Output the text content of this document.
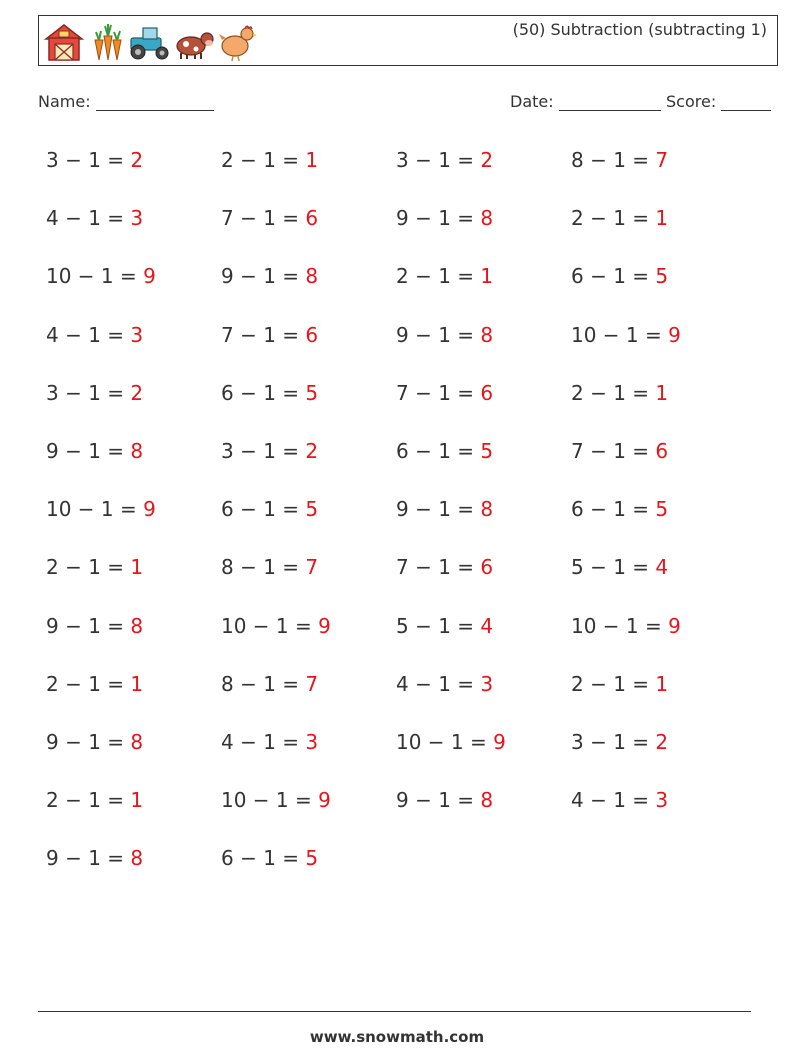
(50) Subtraction (subtracting 1)
Name:	Date:	Score:
3 − 1 = 2	2 − 1 = 1	3 − 1 = 2	8 − 1 = 7
4 − 1 = 3	7 − 1 = 6	9 − 1 = 8	2 − 1 = 1
10 − 1 = 9	9 − 1 = 8	2 − 1 = 1	6 − 1 = 5
4 − 1 = 3	7 − 1 = 6	9 − 1 = 8	10 − 1 = 9
3 − 1 = 2	6 − 1 = 5	7 − 1 = 6	2 − 1 = 1
9 − 1 = 8	3 − 1 = 2	6 − 1 = 5	7 − 1 = 6
10 − 1 = 9	6 − 1 = 5	9 − 1 = 8	6 − 1 = 5
2 − 1 = 1	8 − 1 = 7	7 − 1 = 6	5 − 1 = 4
9 − 1 = 8	10 − 1 = 9	5 − 1 = 4	10 − 1 = 9
2 − 1 = 1	8 − 1 = 7	4 − 1 = 3	2 − 1 = 1
9 − 1 = 8	4 − 1 = 3	10 − 1 = 9	3 − 1 = 2
2 − 1 = 1	10 − 1 = 9	9 − 1 = 8	4 − 1 = 3
9 − 1 = 8	6 − 1 = 5
www.snowmath.com
